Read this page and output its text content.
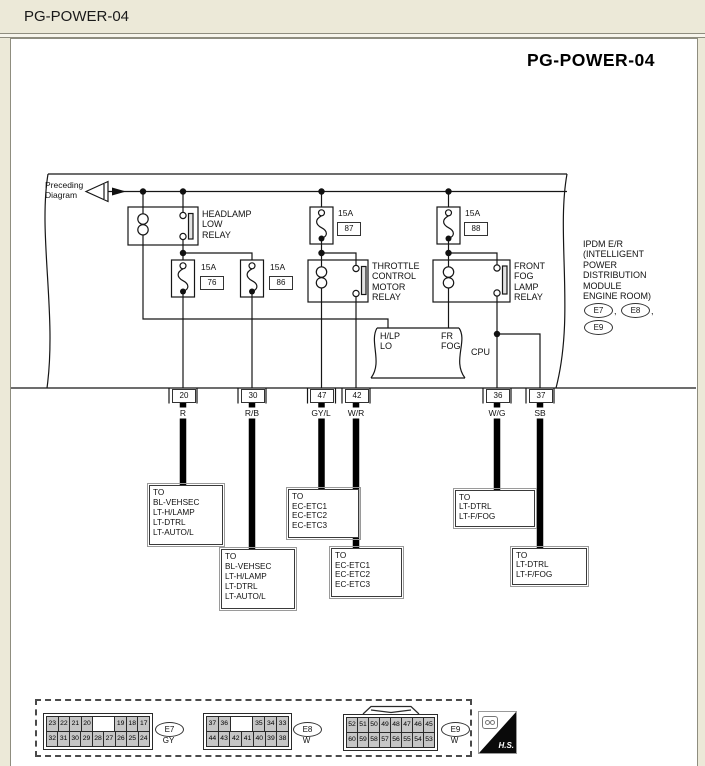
PG-POWER-04
PG-POWER-04
Preceding
Diagram
HEADLAMP
LOW
RELAY
THROTTLE
CONTROL
MOTOR
RELAY
FRONT
FOG
LAMP
RELAY
15A
87
15A
88
15A
76
15A
86
H/LP
LO
FR
FOG
CPU
IPDM E/R
(INTELLIGENT
POWER
DISTRIBUTION
MODULE
ENGINE ROOM)
E7	,	E8	,
E9
20
R
30
R/B
47
GY/L
42
W/R
36
W/G
37
SB
TO
BL-VEHSEC
LT-H/LAMP
LT-DTRL
LT-AUTO/L
TO
BL-VEHSEC
LT-H/LAMP
LT-DTRL
LT-AUTO/L
TO
EC-ETC1
EC-ETC2
EC-ETC3
TO
EC-ETC1
EC-ETC2
EC-ETC3
TO
LT-DTRL
LT-F/FOG
TO
LT-DTRL
LT-F/FOG
23 22 21 20	19 18 17
32 31 30 29 28 27 26 25 24
E7
GY
37 36	35 34 33
44 43 42 41 40 39 38
E8
W
52 51 50 49 48 47 46 45
60 59 58 57 56 55 54 53
E9
W
H.S.
